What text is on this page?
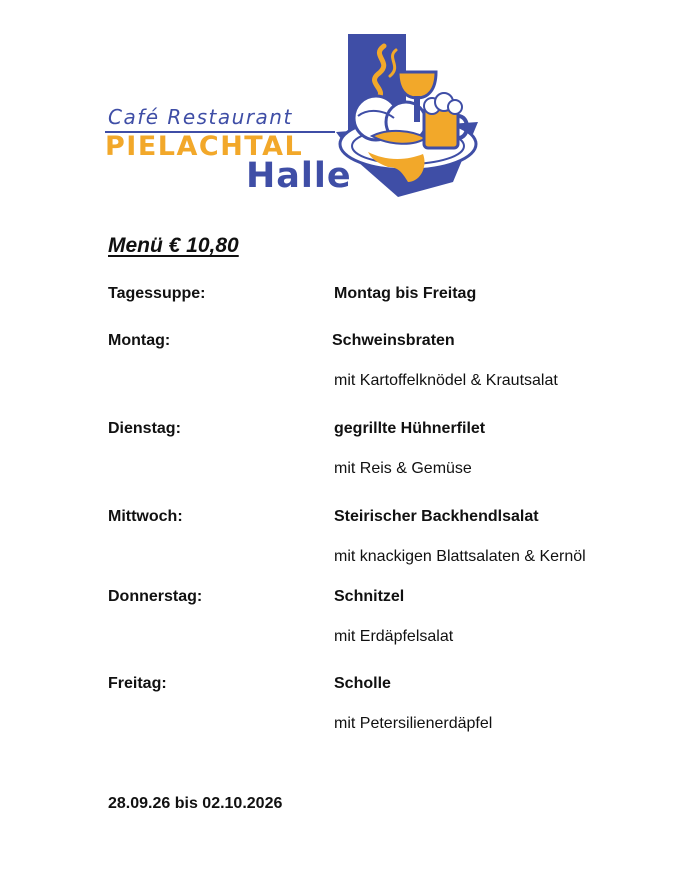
Café Restaurant
PIELACHTAL
Halle
Menü € 10,80
Tagessuppe:	Montag bis Freitag
Montag:	Schweinsbraten
mit Kartoffelknödel & Krautsalat
Dienstag:	gegrillte Hühnerfilet
mit Reis & Gemüse
Mittwoch:	Steirischer Backhendlsalat
mit knackigen Blattsalaten & Kernöl
Donnerstag:	Schnitzel
mit Erdäpfelsalat
Freitag:	Scholle
mit Petersilienerdäpfel
28.09.26 bis 02.10.2026
